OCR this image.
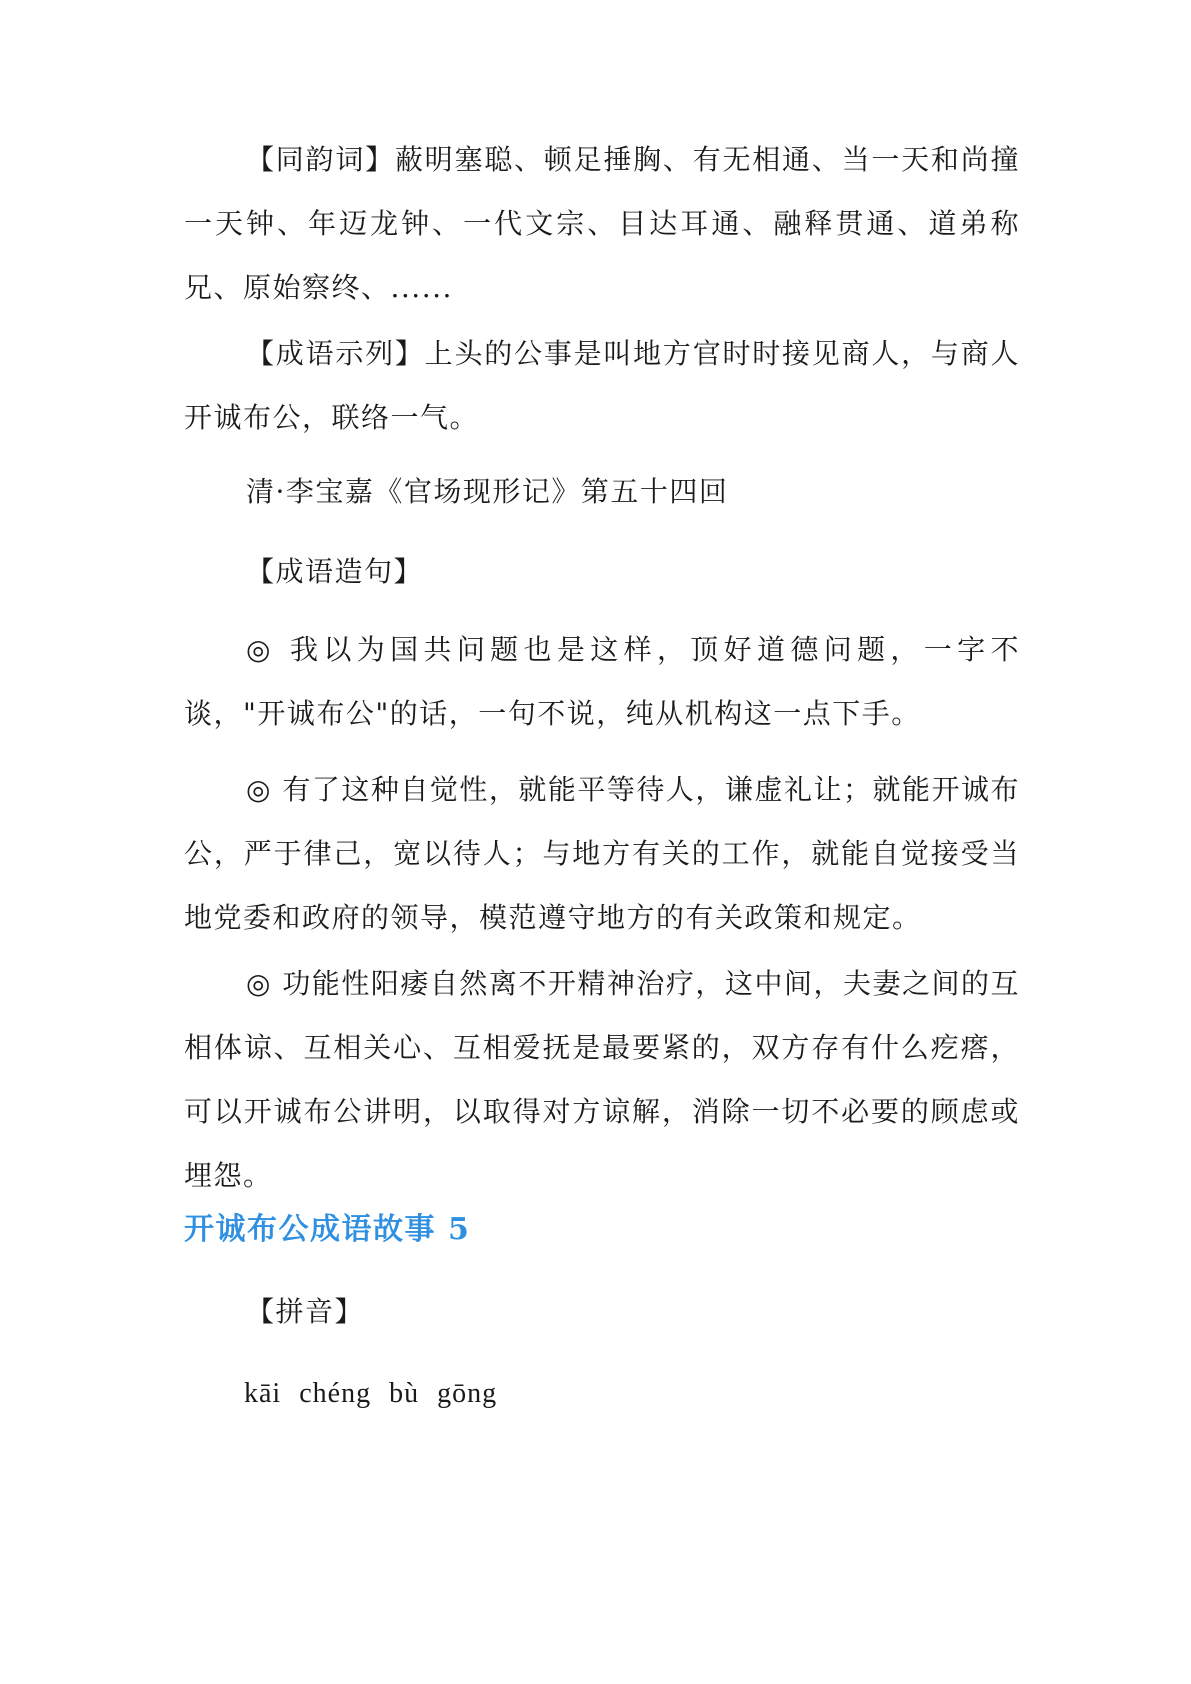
【同韵词】蔽明塞聪、顿足捶胸、有无相通、当一天和尚撞一天钟、年迈龙钟、一代文宗、目达耳通、融释贯通、道弟称兄、原始察终、......

【成语示列】上头的公事是叫地方官时时接见商人，与商人开诚布公，联络一气。

清·李宝嘉《官场现形记》第五十四回

【成语造句】

◎ 我以为国共问题也是这样，顶好道德问题，一字不谈，"开诚布公"的话，一句不说，纯从机构这一点下手。

◎ 有了这种自觉性，就能平等待人，谦虚礼让；就能开诚布公，严于律己，宽以待人；与地方有关的工作，就能自觉接受当地党委和政府的领导，模范遵守地方的有关政策和规定。

◎ 功能性阳痿自然离不开精神治疗，这中间，夫妻之间的互相体谅、互相关心、互相爱抚是最要紧的，双方存有什么疙瘩，可以开诚布公讲明，以取得对方谅解，消除一切不必要的顾虑或埋怨。

开诚布公成语故事 5

【拼音】

kāi chéng bù gōng
